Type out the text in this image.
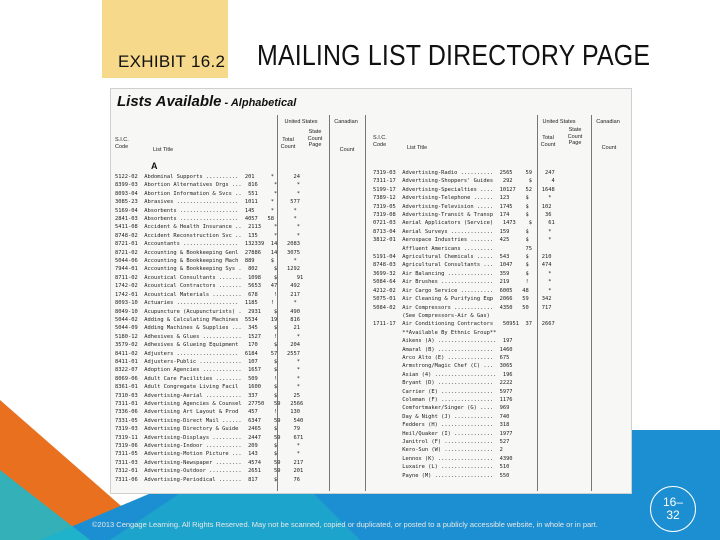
EXHIBIT 16.2 MAILING LIST DIRECTORY PAGE
Lists Available - Alphabetical
S.I.C. Code
List Title
United States
Total Count
State Count Page
Canadian
Count
S.I.C. Code
List Title
United States
Total Count
State Count Page
Canadian
Count
A
5122-02  Abdominal Supports ..........  201     *      24
8399-03  Abortion Alternatives Orgs ...  816     *      *
8093-04  Abortion Information & Svcs ..  551     *      *
3085-23  Abrasives ...................  1011    *     577
5169-04  Absorbents ..................  145     *      *
2841-03  Absorbents ..................  4057   58      *
5411-08  Accident & Health Insurance ..  2113    *      *
8748-02  Accident Reconstruction Svc ..  135     *      *
8721-01  Accountants .................  132339  14   2083
8721-02  Accounting & Bookkeeping Genl  27886   14   3075
5044-06  Accounting & Bookkeeping Mach  889     $      *
7944-01  Accounting & Bookkeeping Sys .  802     $   1292
8711-02  Acoustical Consultants .......  1098    $      91
1742-02  Acoustical Contractors .......  5653   47    492
1742-01  Acoustical Materials .........  678     !    217
8093-10  Actuaries ...................  1185    !      *
8049-10  Acupuncture (Acupuncturists) .  2931    $    490
5044-02  Adding & Calculating Machines  5534    19    816
5044-09  Adding Machines & Supplies ...  345     $     21
5180-12  Adhesives & Glues ............  1527    !      *
3579-02  Adhesives & Glueing Equipment   170     $    204
8411-02  Adjusters ...................  6184    57   2557
8411-01  Adjusters-Public .............  107     $      *
8322-07  Adoption Agencies ............  1657    $      *
8069-06  Adult Care Facilities ........  509     !      *
8361-01  Adult Congregate Living Facil   1600    $      *
7310-03  Advertising-Aerial ...........  337     $     25
7311-01  Advertising Agencies & Counsel  27750   59   2566
7336-06  Advertising Art Layout & Prod   457     !    130
7331-05  Advertising-Direct Mail ......  6347    59    540
7319-03  Advertising Directory & Guide   2465    $     79
7319-11  Advertising-Displays .........  2447    59    671
7319-06  Advertising-Indoor ...........  209     $      *
7311-05  Advertising-Motion Picture ...  143     $      *
7311-03  Advertising-Newspaper ........  4574    59    217
7312-01  Advertising-Outdoor ..........  2651    59    201
7311-06  Advertising-Periodical .......  817     $     76
7319-03  Advertising-Radio ..........  2565    59    247
7311-17  Advertising-Shoppers' Guides   292     $      4
5199-17  Advertising-Specialties ....  10127   52   1648
7389-12  Advertising-Telephone ......  123     $      *
7319-05  Advertising-Television .....  1745    $    102
7319-08  Advertising-Transit & Transp  174     $     36
0721-03  Aerial Applicators (Service)   1473    $     61
8713-04  Aerial Surveys .............  159     $      *
3812-01  Aerospace Industries .......  425     $      *
Affluent Americans .........          75
5191-04  Agricultural Chemicals .....  543     $    210
8748-03  Agricultural Consultants ...  1047    $    474
3699-32  Air Balancing ..............  359     $      *
5084-64  Air Brushes ................  219     !      *
4212-02  Air Cargo Service ..........  6005   48      *
5075-01  Air Cleaning & Purifying Eqp  2066   59    342
5084-02  Air Compressors ............  4350   50    717
(See Compressors-Air & Gas)
1711-17  Air Conditioning Contractors   50951  37   2667
**Available By Ethnic Group**
Aikens (A) ..................  197
Amaral (B) .................  1460
Arco Alto (E) ..............  675
Armstrong/Magic Chef (C) ...  3065
Asian (4) ...................  196
Bryant (D) .................  2222
Carrier (E) ................  5977
Coleman (F) ................  1176
Comfortmaker/Singer (G) ....  969
Day & Night (J) ............  740
Fedders (H) ................  318
Heil/Quaker (I) ............  1977
Janitrol (F) ...............  527
Kero-Sun (W) ...............  2
Lennox (K) .................  4390
Luxaire (L) ................  510
Payne (M) ..................  550
16–
32
©2013 Cengage Learning. All Rights Reserved. May not be scanned, copied or duplicated, or posted to a publicly accessible website, in whole or in part.
